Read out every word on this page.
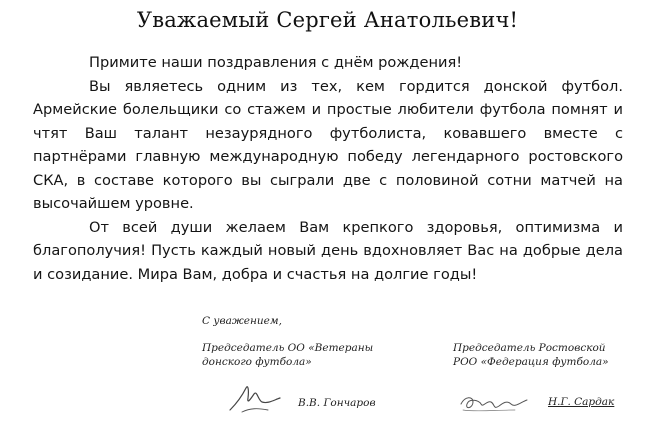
Уважаемый Сергей Анатольевич!

Примите наши поздравления с днём рождения!

Вы являетесь одним из тех, кем гордится донской футбол. Армейские болельщики со стажем и простые любители футбола помнят и чтят Ваш талант незаурядного футболиста, ковавшего вместе с партнёрами главную международную победу легендарного ростовского СКА, в составе которого вы сыграли две с половиной сотни матчей на высочайшем уровне.

От всей души желаем Вам крепкого здоровья, оптимизма и благополучия! Пусть каждый новый день вдохновляет Вас на добрые дела и созидание. Мира Вам, добра и счастья на долгие годы!

С уважением,
Председатель ОО «Ветераны
донского футбола»
Председатель Ростовской
РОО «Федерация футбола»
В.В. Гончаров	Н.Г. Сардак
